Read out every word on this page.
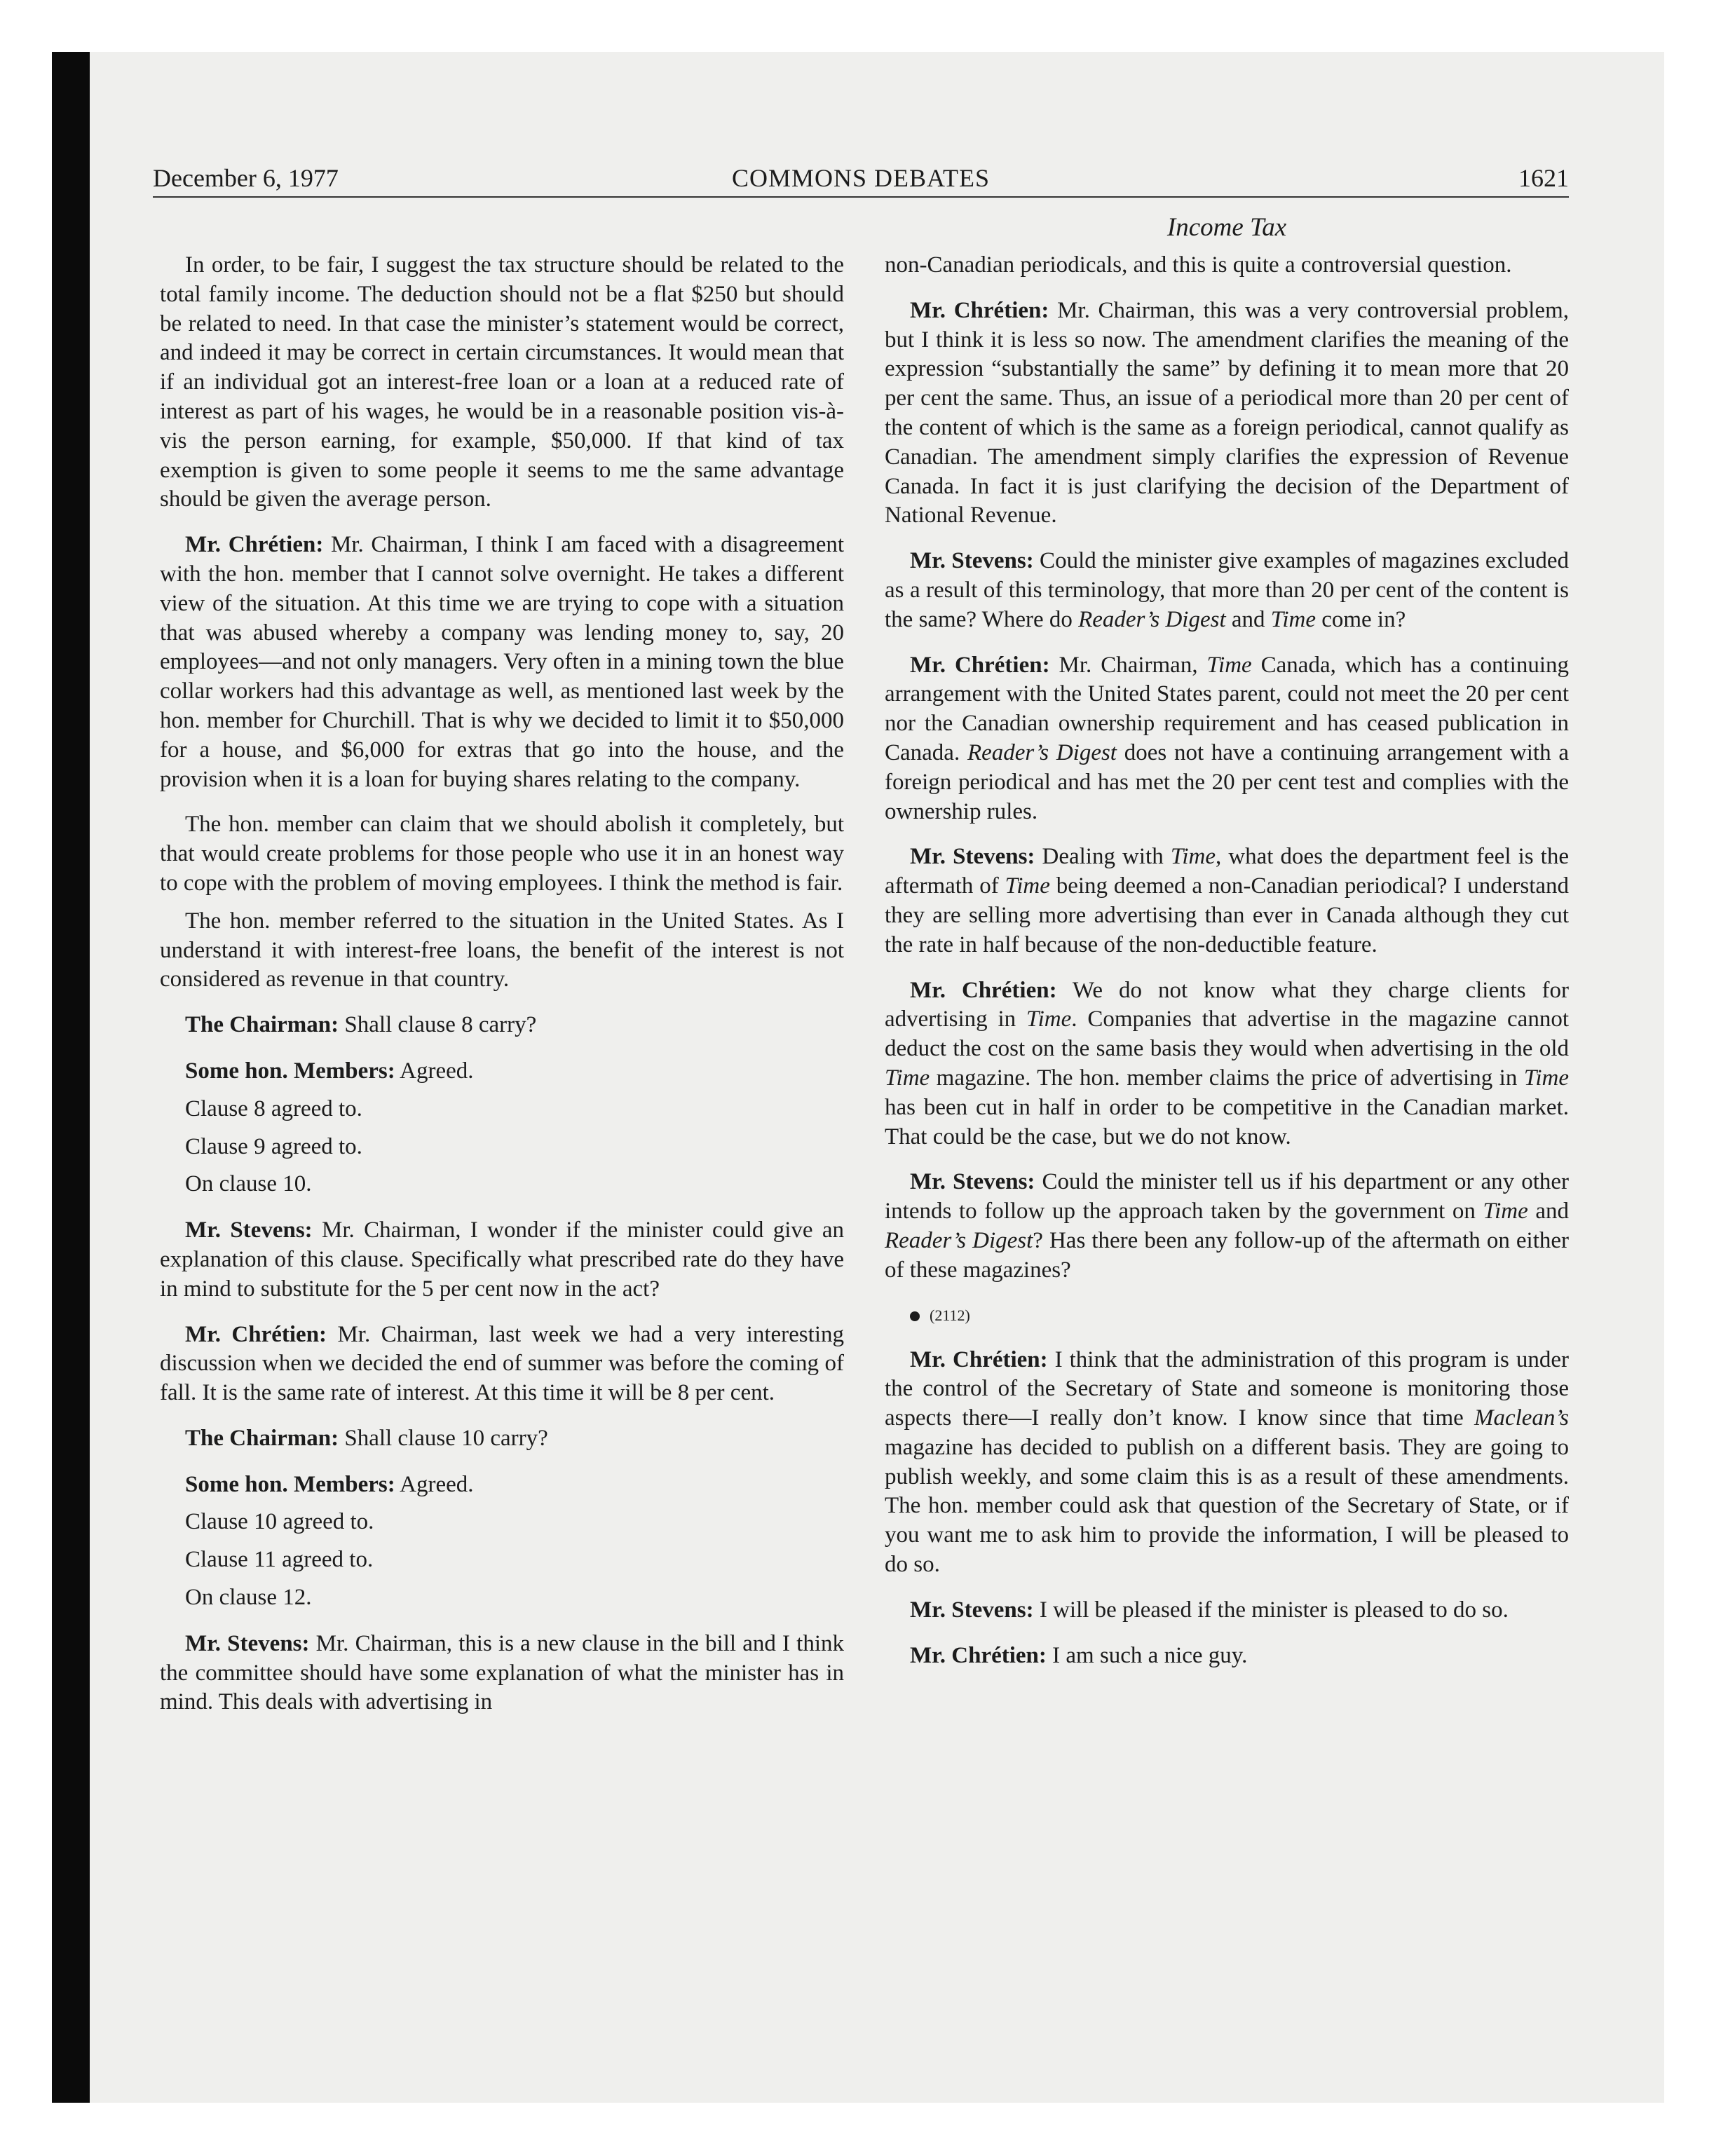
December 6, 1977	COMMONS DEBATES	1621
Income Tax

In order, to be fair, I suggest the tax structure should be related to the total family income. The deduction should not be a flat $250 but should be related to need. In that case the minister’s statement would be correct, and indeed it may be correct in certain circumstances. It would mean that if an individual got an interest-free loan or a loan at a reduced rate of interest as part of his wages, he would be in a reasonable position vis-à-vis the person earning, for example, $50,000. If that kind of tax exemption is given to some people it seems to me the same advantage should be given the average person.

Mr. Chrétien: Mr. Chairman, I think I am faced with a disagreement with the hon. member that I cannot solve overnight. He takes a different view of the situation. At this time we are trying to cope with a situation that was abused whereby a company was lending money to, say, 20 employees—and not only managers. Very often in a mining town the blue collar workers had this advantage as well, as mentioned last week by the hon. member for Churchill. That is why we decided to limit it to $50,000 for a house, and $6,000 for extras that go into the house, and the provision when it is a loan for buying shares relating to the company.

The hon. member can claim that we should abolish it completely, but that would create problems for those people who use it in an honest way to cope with the problem of moving employees. I think the method is fair.

The hon. member referred to the situation in the United States. As I understand it with interest-free loans, the benefit of the interest is not considered as revenue in that country.

The Chairman: Shall clause 8 carry?

Some hon. Members: Agreed.

Clause 8 agreed to.

Clause 9 agreed to.

On clause 10.

Mr. Stevens: Mr. Chairman, I wonder if the minister could give an explanation of this clause. Specifically what prescribed rate do they have in mind to substitute for the 5 per cent now in the act?

Mr. Chrétien: Mr. Chairman, last week we had a very interesting discussion when we decided the end of summer was before the coming of fall. It is the same rate of interest. At this time it will be 8 per cent.

The Chairman: Shall clause 10 carry?

Some hon. Members: Agreed.

Clause 10 agreed to.

Clause 11 agreed to.

On clause 12.

Mr. Stevens: Mr. Chairman, this is a new clause in the bill and I think the committee should have some explanation of what the minister has in mind. This deals with advertising in

non-Canadian periodicals, and this is quite a controversial question.

Mr. Chrétien: Mr. Chairman, this was a very controversial problem, but I think it is less so now. The amendment clarifies the meaning of the expression “substantially the same” by defining it to mean more that 20 per cent the same. Thus, an issue of a periodical more than 20 per cent of the content of which is the same as a foreign periodical, cannot qualify as Canadian. The amendment simply clarifies the expression of Revenue Canada. In fact it is just clarifying the decision of the Department of National Revenue.

Mr. Stevens: Could the minister give examples of magazines excluded as a result of this terminology, that more than 20 per cent of the content is the same? Where do Reader’s Digest and Time come in?

Mr. Chrétien: Mr. Chairman, Time Canada, which has a continuing arrangement with the United States parent, could not meet the 20 per cent nor the Canadian ownership requirement and has ceased publication in Canada. Reader’s Digest does not have a continuing arrangement with a foreign periodical and has met the 20 per cent test and complies with the ownership rules.

Mr. Stevens: Dealing with Time, what does the department feel is the aftermath of Time being deemed a non-Canadian periodical? I understand they are selling more advertising than ever in Canada although they cut the rate in half because of the non-deductible feature.

Mr. Chrétien: We do not know what they charge clients for advertising in Time. Companies that advertise in the magazine cannot deduct the cost on the same basis they would when advertising in the old Time magazine. The hon. member claims the price of advertising in Time has been cut in half in order to be competitive in the Canadian market. That could be the case, but we do not know.

Mr. Stevens: Could the minister tell us if his department or any other intends to follow up the approach taken by the government on Time and Reader’s Digest? Has there been any follow-up of the aftermath on either of these magazines?

(2112)

Mr. Chrétien: I think that the administration of this program is under the control of the Secretary of State and someone is monitoring those aspects there—I really don’t know. I know since that time Maclean’s magazine has decided to publish on a different basis. They are going to publish weekly, and some claim this is as a result of these amendments. The hon. member could ask that question of the Secretary of State, or if you want me to ask him to provide the information, I will be pleased to do so.

Mr. Stevens: I will be pleased if the minister is pleased to do so.

Mr. Chrétien: I am such a nice guy.
